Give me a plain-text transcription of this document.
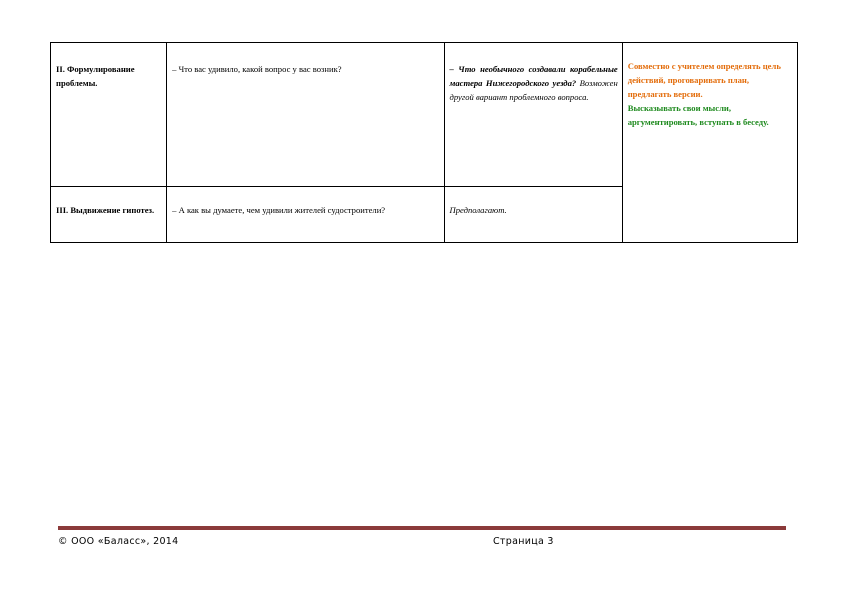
II. Формулирование проблемы.	– Что вас удивило, какой вопрос у вас возник?	– Что необычного создавали корабельные мастера Нижегородского уезда? Возможен другой вариант проблемного вопроса.	Совместно с учителем определять цель действий, проговаривать план, предлагать версии.
Высказывать свои мысли, аргументировать, вступать в беседу.
III. Выдвижение гипотез.	– А как вы думаете, чем удивили жителей судостроители?	Предполагают.	
© ООО «Баласс», 2014	Страница 3
